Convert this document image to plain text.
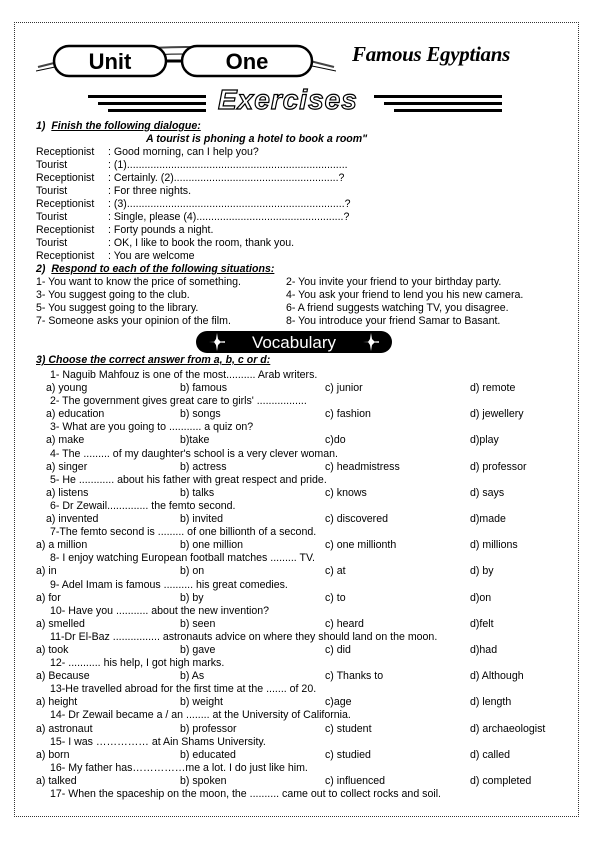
Unit	One	Famous Egyptians
Exercises
1) Finish the following dialogue:
A tourist is phoning a hotel to book a room"
Receptionist	: Good morning, can I help you?
Tourist	: (1)...........................................................................
Receptionist	: Certainly. (2)........................................................?
Tourist	: For three nights.
Receptionist	: (3)..........................................................................?
Tourist	: Single, please (4)..................................................?
Receptionist	: Forty pounds a night.
Tourist	: OK, I like to book the room, thank you.
Receptionist	: You are welcome
2) Respond to each of the following situations:
1- You want to know the price of something.	2- You invite your friend to your birthday party.
3- You suggest going to the club.	4- You ask your friend to lend you his new camera.
5- You suggest going to the library.	6- A friend suggests watching TV, you disagree.
7- Someone asks your opinion of the film.	8- You introduce your friend Samar to Basant.
Vocabulary
3) Choose the correct answer from a, b, c or d:
1- Naguib Mahfouz is one of the most.......... Arab writers.
a) young	b) famous	c) junior	d) remote
2- The government gives great care to girls' .................
a) education	b) songs	c) fashion	d) jewellery
3- What are you going to ........... a quiz on?
a) make	b)take	c)do	d)play
4- The ......... of my daughter's school is a very clever woman.
a) singer	b) actress	c) headmistress	d) professor
5- He ............ about his father with great respect and pride.
a) listens	b) talks	c) knows	d) says
6- Dr Zewail.............. the femto second.
a) invented	b) invited	c) discovered	d)made
7-The femto second is ......... of one billionth of a second.
a) a million	b) one million	c) one millionth	d) millions
8- I enjoy watching European football matches ......... TV.
a) in	b) on	c) at	d) by
9- Adel Imam is famous .......... his great comedies.
a) for	b) by	c) to	d)on
10- Have you ........... about the new invention?
a) smelled	b) seen	c) heard	d)felt
11-Dr El-Baz ................ astronauts advice on where they should land on the moon.
a) took	b) gave	c) did	d)had
12- ........... his help, I got high marks.
a) Because	b) As	c) Thanks to	d) Although
13-He travelled abroad for the first time at the ....... of 20.
a) height	b) weight	c)age	d) length
14- Dr Zewail became a / an ........ at the University of California.
a) astronaut	b) professor	c) student	d) archaeologist
15- I was …………… at Ain Shams University.
a) born	b) educated	c) studied	d) called
16- My father has……………me a lot. I do just like him.
a) talked	b) spoken	c) influenced	d) completed
17- When the spaceship on the moon, the .......... came out to collect rocks and soil.
